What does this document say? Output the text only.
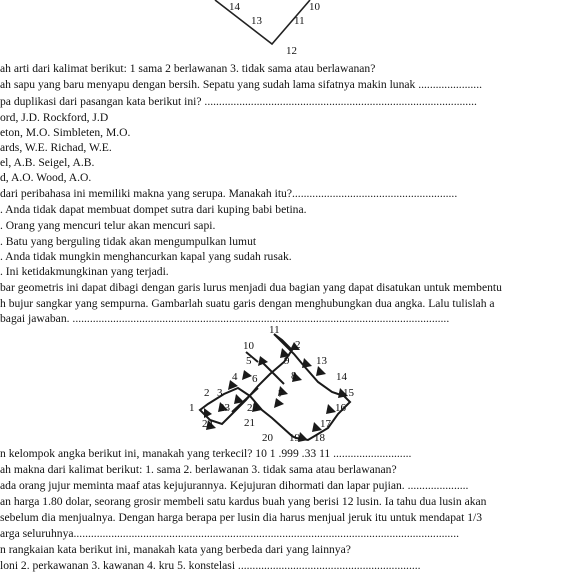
14	10
13	11
12
ah arti dari kalimat berikut: 1 sama 2 berlawanan 3. tidak sama atau berlawanan?
ah sapu yang baru menyapu dengan bersih. Sepatu yang sudah lama sifatnya makin lunak ......................
pa duplikasi dari pasangan kata berikut ini? ..............................................................................................
ord, J.D. Rockford, J.D
eton, M.O. Simbleten, M.O.
ards, W.E. Richad, W.E.
el, A.B. Seigel, A.B.
d, A.O. Wood, A.O.
dari peribahasa ini memiliki makna yang serupa. Manakah itu?.........................................................
. Anda tidak dapat membuat dompet sutra dari kuping babi betina.
. Orang yang mencuri telur akan mencuri sapi.
. Batu yang berguling tidak akan mengumpulkan lumut
. Anda tidak mungkin menghancurkan kapal yang sudah rusak.
. Ini ketidakmungkinan yang terjadi.
bar geometris ini dapat dibagi dengan garis lurus menjadi dua bagian yang dapat disatukan untuk membentu
h bujur sangkar yang sempurna. Gambarlah suatu garis dengan menghubungkan dua angka. Lalu tulislah a
bagai jawaban. ..................................................................................................................................
11
10	2
5	9 13
4 6	8	14
2 3	7	15
1 23 22	16
24	21	17
20 19 18
n kelompok angka berikut ini, manakah yang terkecil? 10 1 .999 .33 11 ...........................
ah makna dari kalimat berikut: 1. sama 2. berlawanan 3. tidak sama atau berlawanan?
ada orang jujur meminta maaf atas kejujurannya. Kejujuran dihormati dan lapar pujian. .....................
an harga 1.80 dolar, seorang grosir membeli satu kardus buah yang berisi 12 lusin. Ia tahu dua lusin akan
sebelum dia menjualnya. Dengan harga berapa per lusin dia harus menjual jeruk itu untuk mendapat 1/3
arga seluruhnya.....................................................................................................................................
n rangkaian kata berikut ini, manakah kata yang berbeda dari yang lainnya?
loni 2. perkawanan 3. kawanan 4. kru 5. konstelasi ...............................................................
